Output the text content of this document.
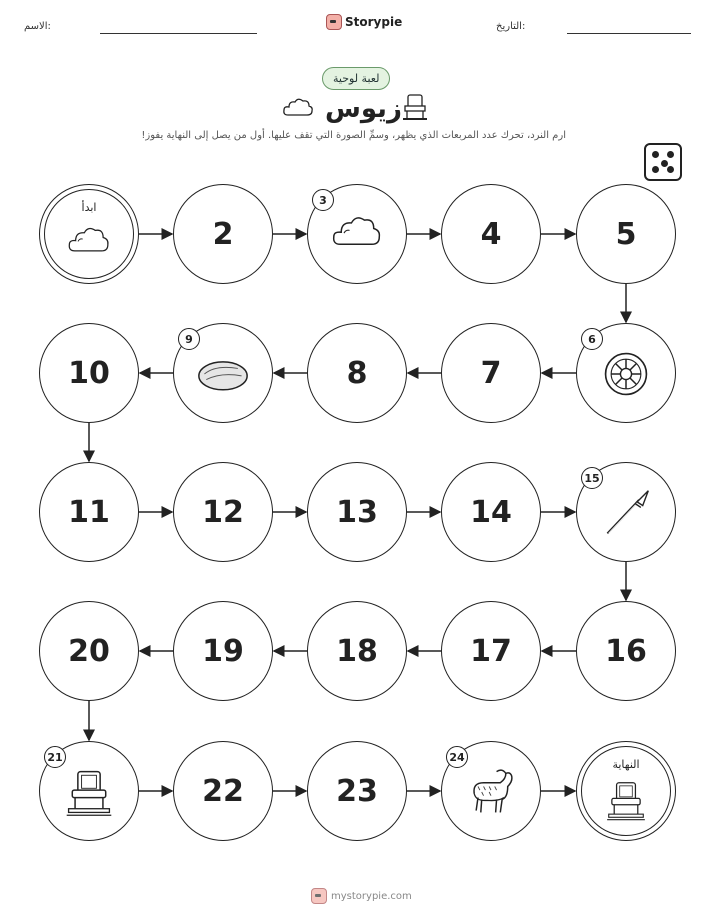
الاسم:	Storypie	التاريخ:
لعبة لوحية
زيوس
ارم النرد، تحرك عدد المربعات الذي يظهر، وسمِّ الصورة التي تقف عليها. أول من يصل إلى النهاية يفوز!
ابدأ
2
3
4	5
6
7
8
9
10
11	12	13	14
15
16
17
18
19
20
21
22	23
24
النهاية
mystorypie.com
